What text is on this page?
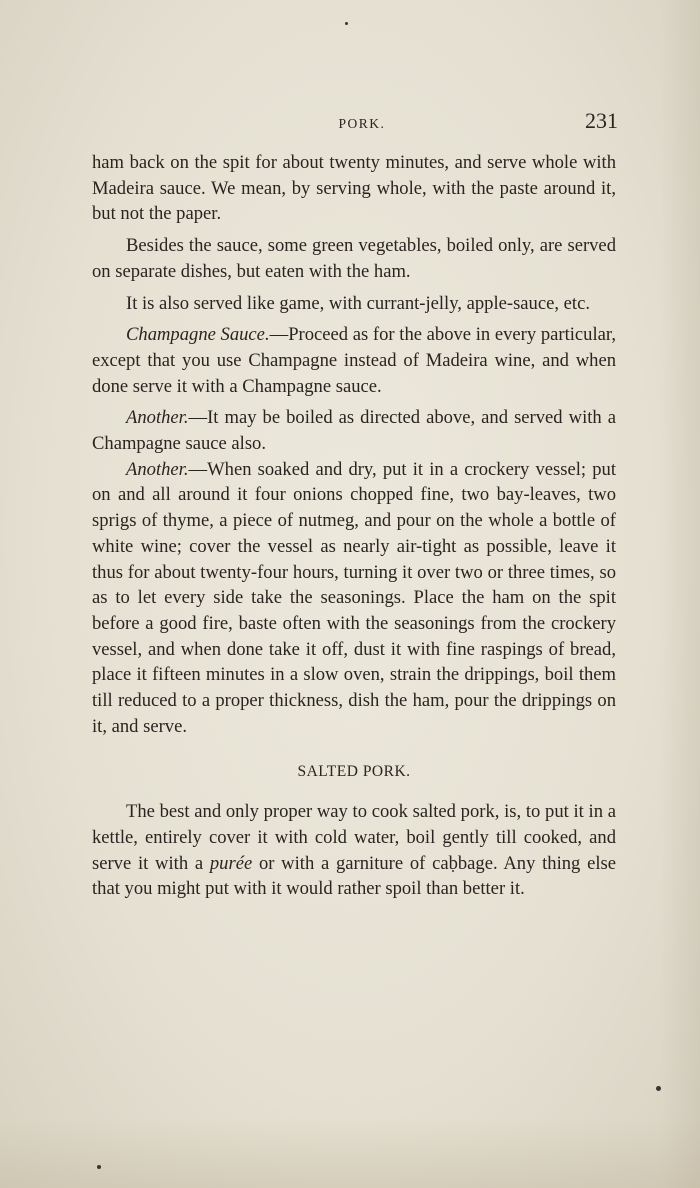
PORK.	231

ham back on the spit for about twenty minutes, and serve whole with Madeira sauce. We mean, by serving whole, with the paste around it, but not the paper.

Besides the sauce, some green vegetables, boiled only, are served on separate dishes, but eaten with the ham.

It is also served like game, with currant-jelly, apple-sauce, etc.

Champagne Sauce.—Proceed as for the above in every particular, except that you use Champagne instead of Madeira wine, and when done serve it with a Champagne sauce.

Another.—It may be boiled as directed above, and served with a Champagne sauce also.

Another.—When soaked and dry, put it in a crockery vessel; put on and all around it four onions chopped fine, two bay-leaves, two sprigs of thyme, a piece of nutmeg, and pour on the whole a bottle of white wine; cover the vessel as nearly air-tight as possible, leave it thus for about twenty-four hours, turning it over two or three times, so as to let every side take the seasonings. Place the ham on the spit before a good fire, baste often with the seasonings from the crockery vessel, and when done take it off, dust it with fine raspings of bread, place it fifteen minutes in a slow oven, strain the drippings, boil them till reduced to a proper thickness, dish the ham, pour the drippings on it, and serve.

SALTED PORK.

The best and only proper way to cook salted pork, is, to put it in a kettle, entirely cover it with cold water, boil gently till cooked, and serve it with a purée or with a garniture of cabbage. Any thing else that you might put with it would rather spoil than better it.
